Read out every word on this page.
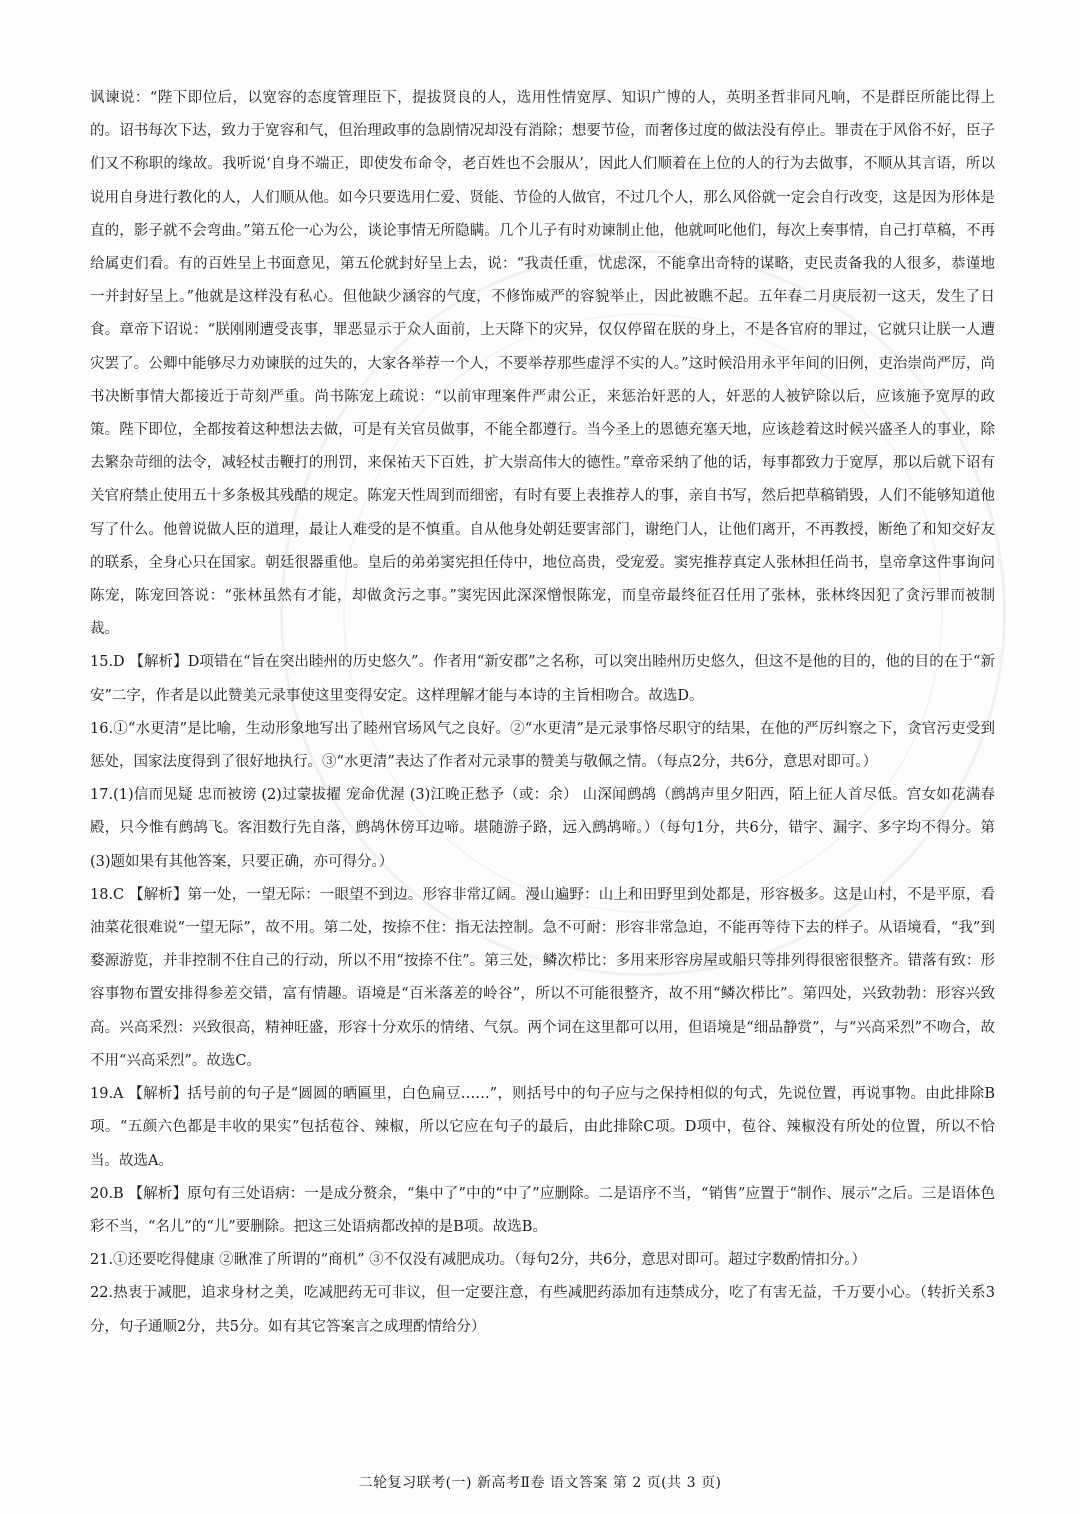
讽谏说：“陛下即位后，以宽容的态度管理臣下，提拔贤良的人，选用性情宽厚、知识广博的人，英明圣哲非同凡响，不是群臣所能比得上的。诏书每次下达，致力于宽容和气，但治理政事的急剧情况却没有消除；想要节俭，而奢侈过度的做法没有停止。罪责在于风俗不好，臣子们又不称职的缘故。我听说‘自身不端正，即使发布命令，老百姓也不会服从’，因此人们顺着在上位的人的行为去做事，不顺从其言语，所以说用自身进行教化的人，人们顺从他。如今只要选用仁爱、贤能、节俭的人做官，不过几个人，那么风俗就一定会自行改变，这是因为形体是直的，影子就不会弯曲。”第五伦一心为公，谈论事情无所隐瞒。几个儿子有时劝谏制止他，他就呵叱他们，每次上奏事情，自己打草稿，不再给属吏们看。有的百姓呈上书面意见，第五伦就封好呈上去，说：“我责任重，忧虑深，不能拿出奇特的谋略，吏民责备我的人很多，恭谨地一并封好呈上。”他就是这样没有私心。但他缺少涵容的气度，不修饰威严的容貌举止，因此被瞧不起。五年春二月庚辰初一这天，发生了日食。章帝下诏说：“朕刚刚遭受丧事，罪恶显示于众人面前，上天降下的灾异，仅仅停留在朕的身上，不是各官府的罪过，它就只让朕一人遭灾罢了。公卿中能够尽力劝谏朕的过失的，大家各举荐一个人，不要举荐那些虚浮不实的人。”这时候沿用永平年间的旧例，吏治崇尚严厉，尚书决断事情大都接近于苛刻严重。尚书陈宠上疏说：“以前审理案件严肃公正，来惩治奸恶的人，奸恶的人被铲除以后，应该施予宽厚的政策。陛下即位，全都按着这种想法去做，可是有关官员做事，不能全都遵行。当今圣上的恩德充塞天地，应该趁着这时候兴盛圣人的事业，除去繁杂苛细的法令，减轻杖击鞭打的刑罚，来保祐天下百姓，扩大崇高伟大的德性。”章帝采纳了他的话，每事都致力于宽厚，那以后就下诏有关官府禁止使用五十多条极其残酷的规定。陈宠天性周到而细密，有时有要上表推荐人的事，亲自书写，然后把草稿销毁，人们不能够知道他写了什么。他曾说做人臣的道理，最让人难受的是不慎重。自从他身处朝廷要害部门，谢绝门人，让他们离开，不再教授，断绝了和知交好友的联系，全身心只在国家。朝廷很器重他。皇后的弟弟窦宪担任侍中，地位高贵，受宠爱。窦宪推荐真定人张林担任尚书，皇帝拿这件事询问陈宠，陈宠回答说：“张林虽然有才能，却做贪污之事。”窦宪因此深深憎恨陈宠，而皇帝最终征召任用了张林，张林终因犯了贪污罪而被制裁。

15.D 【解析】D项错在“旨在突出睦州的历史悠久”。作者用“新安郡”之名称，可以突出睦州历史悠久，但这不是他的目的，他的目的在于“新安”二字，作者是以此赞美元录事使这里变得安定。这样理解才能与本诗的主旨相吻合。故选D。

16.①“水更清”是比喻，生动形象地写出了睦州官场风气之良好。②“水更清”是元录事恪尽职守的结果，在他的严厉纠察之下，贪官污吏受到惩处，国家法度得到了很好地执行。③“水更清”表达了作者对元录事的赞美与敬佩之情。（每点2分，共6分，意思对即可。）

17.(1)信而见疑 忠而被谤 (2)过蒙拔擢 宠命优渥 (3)江晚正愁予（或：余） 山深闻鹧鸪（鹧鸪声里夕阳西，陌上征人首尽低。宫女如花满春殿，只今惟有鹧鸪飞。客泪数行先自落，鹧鸪休傍耳边啼。堪随游子路，远入鹧鸪啼。）（每句1分，共6分，错字、漏字、多字均不得分。第(3)题如果有其他答案，只要正确，亦可得分。）

18.C 【解析】第一处，一望无际：一眼望不到边。形容非常辽阔。漫山遍野：山上和田野里到处都是，形容极多。这是山村，不是平原，看油菜花很难说“一望无际”，故不用。第二处，按捺不住：指无法控制。急不可耐：形容非常急迫，不能再等待下去的样子。从语境看，“我”到婺源游览，并非控制不住自己的行动，所以不用“按捺不住”。第三处，鳞次栉比：多用来形容房屋或船只等排列得很密很整齐。错落有致：形容事物布置安排得参差交错，富有情趣。语境是“百米落差的岭谷”，所以不可能很整齐，故不用“鳞次栉比”。第四处，兴致勃勃：形容兴致高。兴高采烈：兴致很高，精神旺盛，形容十分欢乐的情绪、气氛。两个词在这里都可以用，但语境是“细品静赏”，与“兴高采烈”不吻合，故不用“兴高采烈”。故选C。

19.A 【解析】括号前的句子是“圆圆的晒匾里，白色扁豆……”，则括号中的句子应与之保持相似的句式，先说位置，再说事物。由此排除B项。“五颜六色都是丰收的果实”包括苞谷、辣椒，所以它应在句子的最后，由此排除C项。D项中，苞谷、辣椒没有所处的位置，所以不恰当。故选A。

20.B 【解析】原句有三处语病：一是成分赘余，“集中了”中的“中了”应删除。二是语序不当，“销售”应置于“制作、展示”之后。三是语体色彩不当，“名儿”的“儿”要删除。把这三处语病都改掉的是B项。故选B。

21.①还要吃得健康 ②瞅准了所谓的“商机” ③不仅没有减肥成功。（每句2分，共6分，意思对即可。超过字数酌情扣分。）

22.热衷于减肥，追求身材之美，吃减肥药无可非议，但一定要注意，有些减肥药添加有违禁成分，吃了有害无益，千万要小心。（转折关系3分，句子通顺2分，共5分。如有其它答案言之成理酌情给分）

二轮复习联考(一) 新高考Ⅱ卷 语文答案 第 2 页(共 3 页)
